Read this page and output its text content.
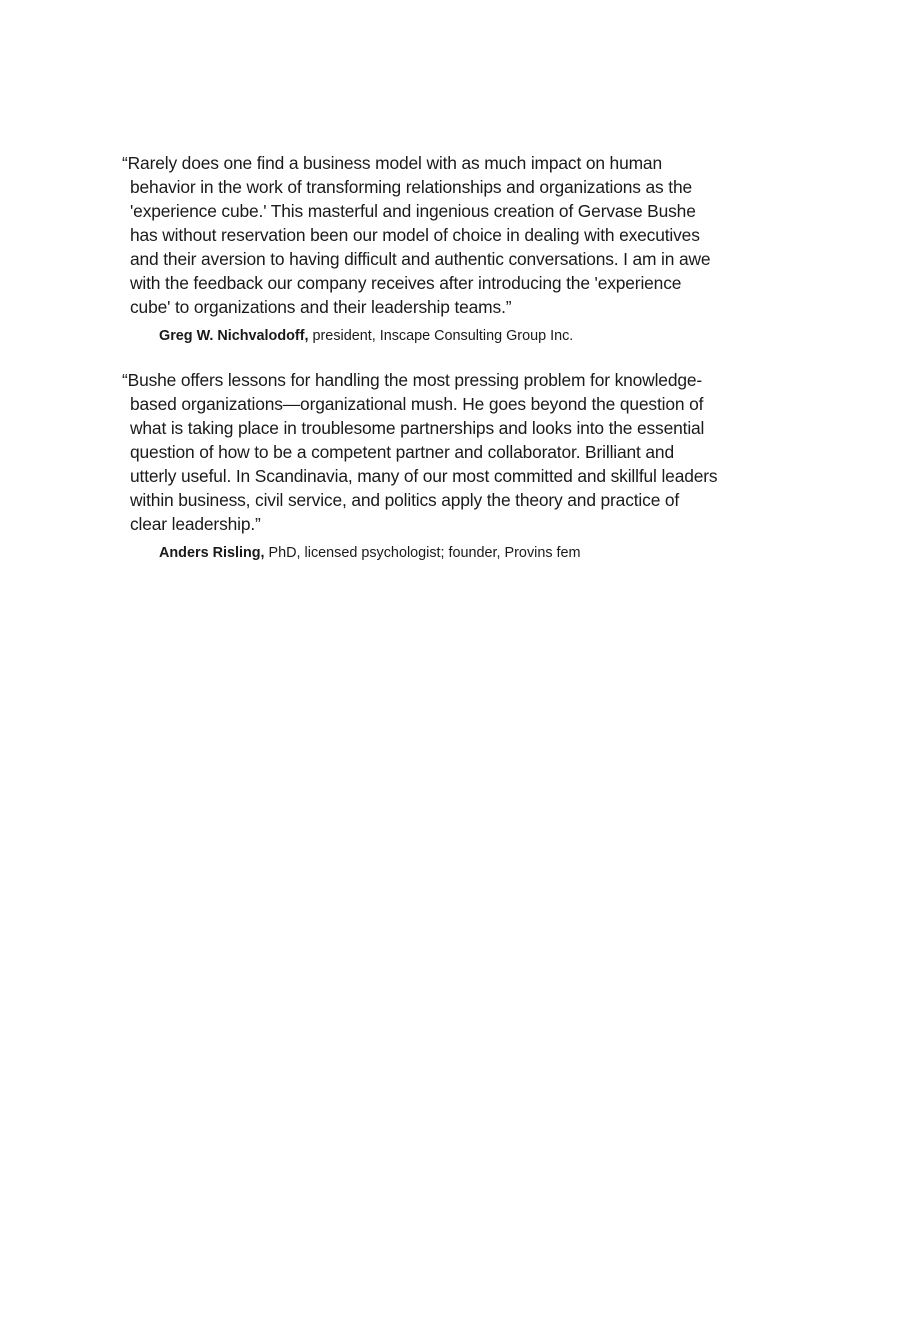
“Rarely does one find a business model with as much impact on human
behavior in the work of transforming relationships and organizations as the
'experience cube.' This masterful and ingenious creation of Gervase Bushe
has without reservation been our model of choice in dealing with executives
and their aversion to having difficult and authentic conversations. I am in awe
with the feedback our company receives after introducing the 'experience
cube' to organizations and their leadership teams.”

Greg W. Nichvalodoff, president, Inscape Consulting Group Inc.

“Bushe offers lessons for handling the most pressing problem for knowledge-
based organizations—organizational mush. He goes beyond the question of
what is taking place in troublesome partnerships and looks into the essential
question of how to be a competent partner and collaborator. Brilliant and
utterly useful. In Scandinavia, many of our most committed and skillful leaders
within business, civil service, and politics apply the theory and practice of
clear leadership.”

Anders Risling, PhD, licensed psychologist; founder, Provins fem
